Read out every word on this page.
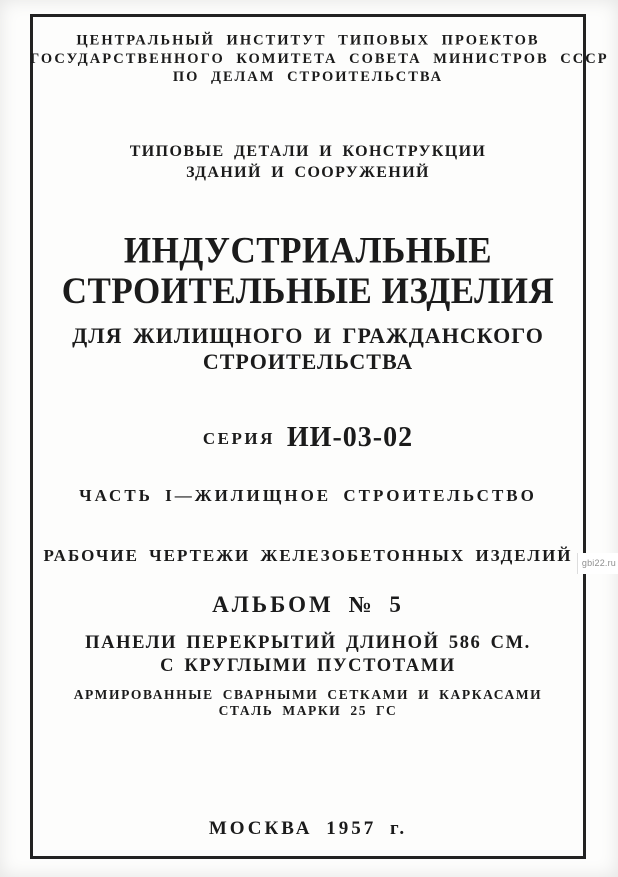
ЦЕНТРАЛЬНЫЙ ИНСТИТУТ ТИПОВЫХ ПРОЕКТОВ
ГОСУДАРСТВЕННОГО КОМИТЕТА СОВЕТА МИНИСТРОВ СССР
ПО ДЕЛАМ СТРОИТЕЛЬСТВА
ТИПОВЫЕ ДЕТАЛИ И КОНСТРУКЦИИ
ЗДАНИЙ И СООРУЖЕНИЙ
ИНДУСТРИАЛЬНЫЕ
СТРОИТЕЛЬНЫЕ ИЗДЕЛИЯ
ДЛЯ ЖИЛИЩНОГО И ГРАЖДАНСКОГО
СТРОИТЕЛЬСТВА
СЕРИЯ ИИ-03-02
ЧАСТЬ I—ЖИЛИЩНОЕ СТРОИТЕЛЬСТВО
РАБОЧИЕ ЧЕРТЕЖИ ЖЕЛЕЗОБЕТОННЫХ ИЗДЕЛИЙ
АЛЬБОМ № 5
ПАНЕЛИ ПЕРЕКРЫТИЙ ДЛИНОЙ 586 СМ.
С КРУГЛЫМИ ПУСТОТАМИ
АРМИРОВАННЫЕ СВАРНЫМИ СЕТКАМИ И КАРКАСАМИ
СТАЛЬ МАРКИ 25 ГС
МОСКВА 1957 г.
gbi22.ru
